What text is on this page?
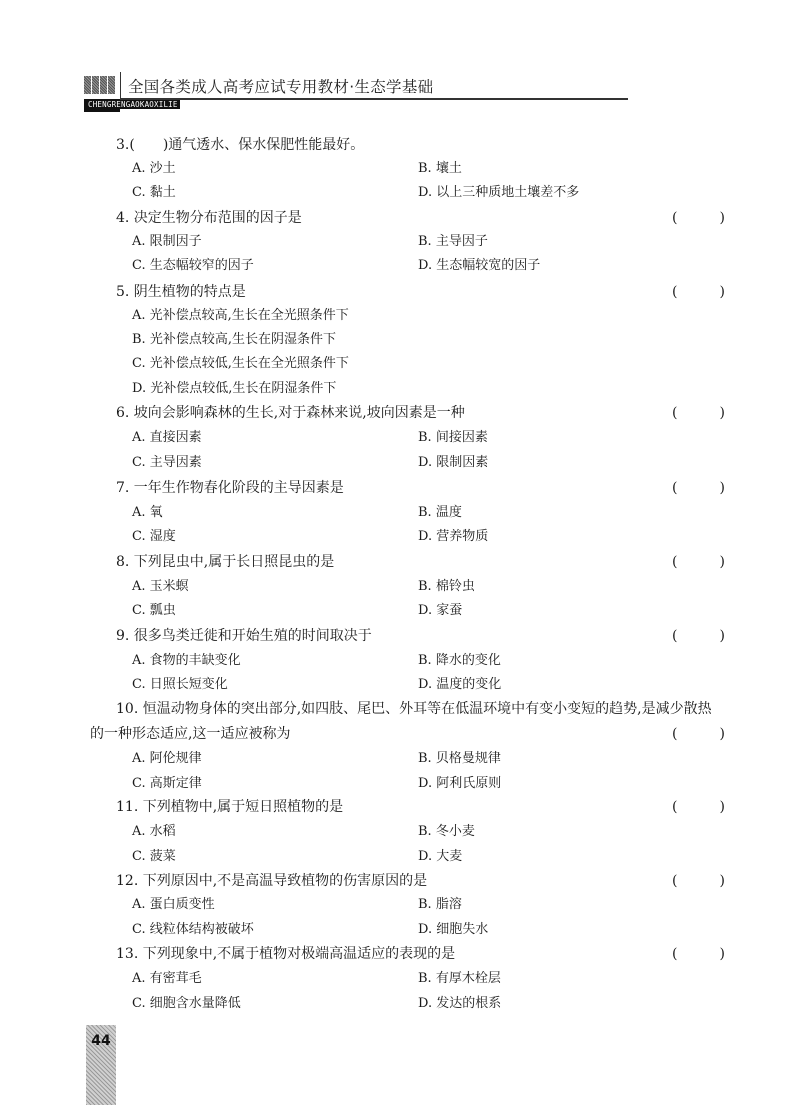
全国各类成人高考应试专用教材·生态学基础
CHENGRENGAOKAOXILIE
3.(　　)通气透水、保水保肥性能最好。
A. 沙土	B. 壤土
C. 黏土	D. 以上三种质地土壤差不多
4. 决定生物分布范围的因子是	(　)
A. 限制因子	B. 主导因子
C. 生态幅较窄的因子	D. 生态幅较宽的因子
5. 阴生植物的特点是	(　)
A. 光补偿点较高,生长在全光照条件下
B. 光补偿点较高,生长在阴湿条件下
C. 光补偿点较低,生长在全光照条件下
D. 光补偿点较低,生长在阴湿条件下
6. 坡向会影响森林的生长,对于森林来说,坡向因素是一种	(　)
A. 直接因素	B. 间接因素
C. 主导因素	D. 限制因素
7. 一年生作物春化阶段的主导因素是	(　)
A. 氧	B. 温度
C. 湿度	D. 营养物质
8. 下列昆虫中,属于长日照昆虫的是	(　)
A. 玉米螟	B. 棉铃虫
C. 瓢虫	D. 家蚕
9. 很多鸟类迁徙和开始生殖的时间取决于	(　)
A. 食物的丰缺变化	B. 降水的变化
C. 日照长短变化	D. 温度的变化
10. 恒温动物身体的突出部分,如四肢、尾巴、外耳等在低温环境中有变小变短的趋势,是减少散热
的一种形态适应,这一适应被称为	(　)
A. 阿伦规律	B. 贝格曼规律
C. 高斯定律	D. 阿利氏原则
11. 下列植物中,属于短日照植物的是	(　)
A. 水稻	B. 冬小麦
C. 菠菜	D. 大麦
12. 下列原因中,不是高温导致植物的伤害原因的是	(　)
A. 蛋白质变性	B. 脂溶
C. 线粒体结构被破坏	D. 细胞失水
13. 下列现象中,不属于植物对极端高温适应的表现的是	(　)
A. 有密茸毛	B. 有厚木栓层
C. 细胞含水量降低	D. 发达的根系
44
